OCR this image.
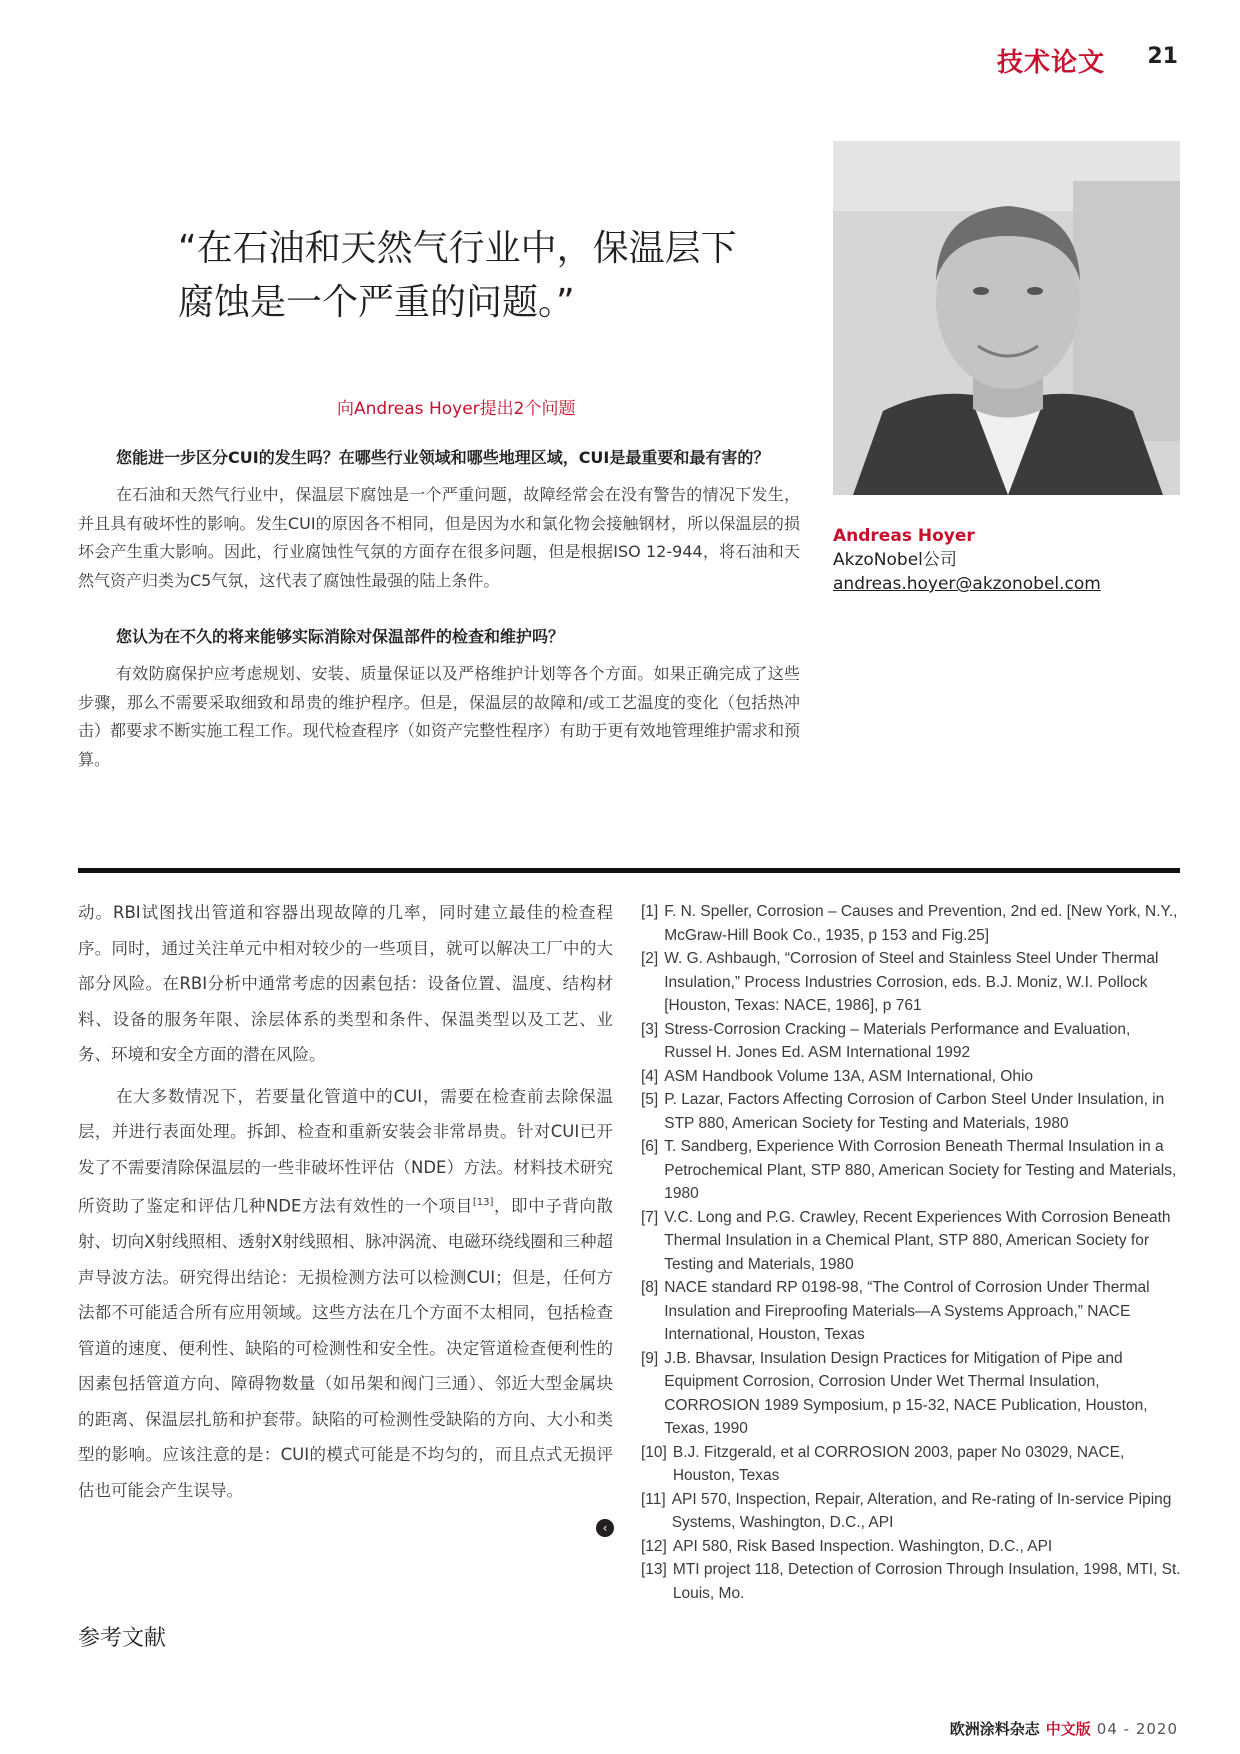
技术论文 21
“在石油和天然气行业中，保温层下腐蚀是一个严重的问题。”
Andreas Hoyer
AkzoNobel公司
andreas.hoyer@akzonobel.com
向Andreas Hoyer提出2个问题

您能进一步区分CUI的发生吗？在哪些行业领域和哪些地理区域，CUI是最重要和最有害的？

在石油和天然气行业中，保温层下腐蚀是一个严重问题，故障经常会在没有警告的情况下发生，并且具有破坏性的影响。发生CUI的原因各不相同，但是因为水和氯化物会接触钢材，所以保温层的损坏会产生重大影响。因此，行业腐蚀性气氛的方面存在很多问题，但是根据ISO 12-944，将石油和天然气资产归类为C5气氛，这代表了腐蚀性最强的陆上条件。

您认为在不久的将来能够实际消除对保温部件的检查和维护吗？

有效防腐保护应考虑规划、安装、质量保证以及严格维护计划等各个方面。如果正确完成了这些步骤，那么不需要采取细致和昂贵的维护程序。但是，保温层的故障和/或工艺温度的变化（包括热冲击）都要求不断实施工程工作。现代检查程序（如资产完整性程序）有助于更有效地管理维护需求和预算。

动。RBI试图找出管道和容器出现故障的几率，同时建立最佳的检查程序。同时，通过关注单元中相对较少的一些项目，就可以解决工厂中的大部分风险。在RBI分析中通常考虑的因素包括：设备位置、温度、结构材料、设备的服务年限、涂层体系的类型和条件、保温类型以及工艺、业务、环境和安全方面的潜在风险。

在大多数情况下，若要量化管道中的CUI，需要在检查前去除保温层，并进行表面处理。拆卸、检查和重新安装会非常昂贵。针对CUI已开发了不需要清除保温层的一些非破坏性评估（NDE）方法。材料技术研究所资助了鉴定和评估几种NDE方法有效性的一个项目[13]，即中子背向散射、切向X射线照相、透射X射线照相、脉冲涡流、电磁环绕线圈和三种超声导波方法。研究得出结论：无损检测方法可以检测CUI；但是，任何方法都不可能适合所有应用领域。这些方法在几个方面不太相同，包括检查管道的速度、便利性、缺陷的可检测性和安全性。决定管道检查便利性的因素包括管道方向、障碍物数量（如吊架和阀门三通）、邻近大型金属块的距离、保温层扎筋和护套带。缺陷的可检测性受缺陷的方向、大小和类型的影响。应该注意的是：CUI的模式可能是不均匀的，而且点式无损评估也可能会产生误导。

‹
参考文献
[1] F. N. Speller, Corrosion – Causes and Prevention, 2nd ed. [New York, N.Y., McGraw-Hill Book Co., 1935, p 153 and Fig.25]
[2] W. G. Ashbaugh, “Corrosion of Steel and Stainless Steel Under Thermal Insulation,” Process Industries Corrosion, eds. B.J. Moniz, W.I. Pollock [Houston, Texas: NACE, 1986], p 761
[3] Stress-Corrosion Cracking – Materials Performance and Evaluation, Russel H. Jones Ed. ASM International 1992
[4] ASM Handbook Volume 13A, ASM International, Ohio
[5] P. Lazar, Factors Affecting Corrosion of Carbon Steel Under Insulation, in STP 880, American Society for Testing and Materials, 1980
[6] T. Sandberg, Experience With Corrosion Beneath Thermal Insulation in a Petrochemical Plant, STP 880, American Society for Testing and Materials, 1980
[7] V.C. Long and P.G. Crawley, Recent Experiences With Corrosion Beneath Thermal Insulation in a Chemical Plant, STP 880, American Society for Testing and Materials, 1980
[8] NACE standard RP 0198-98, “The Control of Corrosion Under Thermal Insulation and Fireproofing Materials—A Systems Approach,” NACE International, Houston, Texas
[9] J.B. Bhavsar, Insulation Design Practices for Mitigation of Pipe and Equipment Corrosion, Corrosion Under Wet Thermal Insulation, CORROSION 1989 Symposium, p 15-32, NACE Publication, Houston, Texas, 1990
[10] B.J. Fitzgerald, et al CORROSION 2003, paper No 03029, NACE, Houston, Texas
[11] API 570, Inspection, Repair, Alteration, and Re-rating of In-service Piping Systems, Washington, D.C., API
[12] API 580, Risk Based Inspection. Washington, D.C., API
[13] MTI project 118, Detection of Corrosion Through Insulation, 1998, MTI, St. Louis, Mo.
欧洲涂料杂志 中文版 04 - 2020
